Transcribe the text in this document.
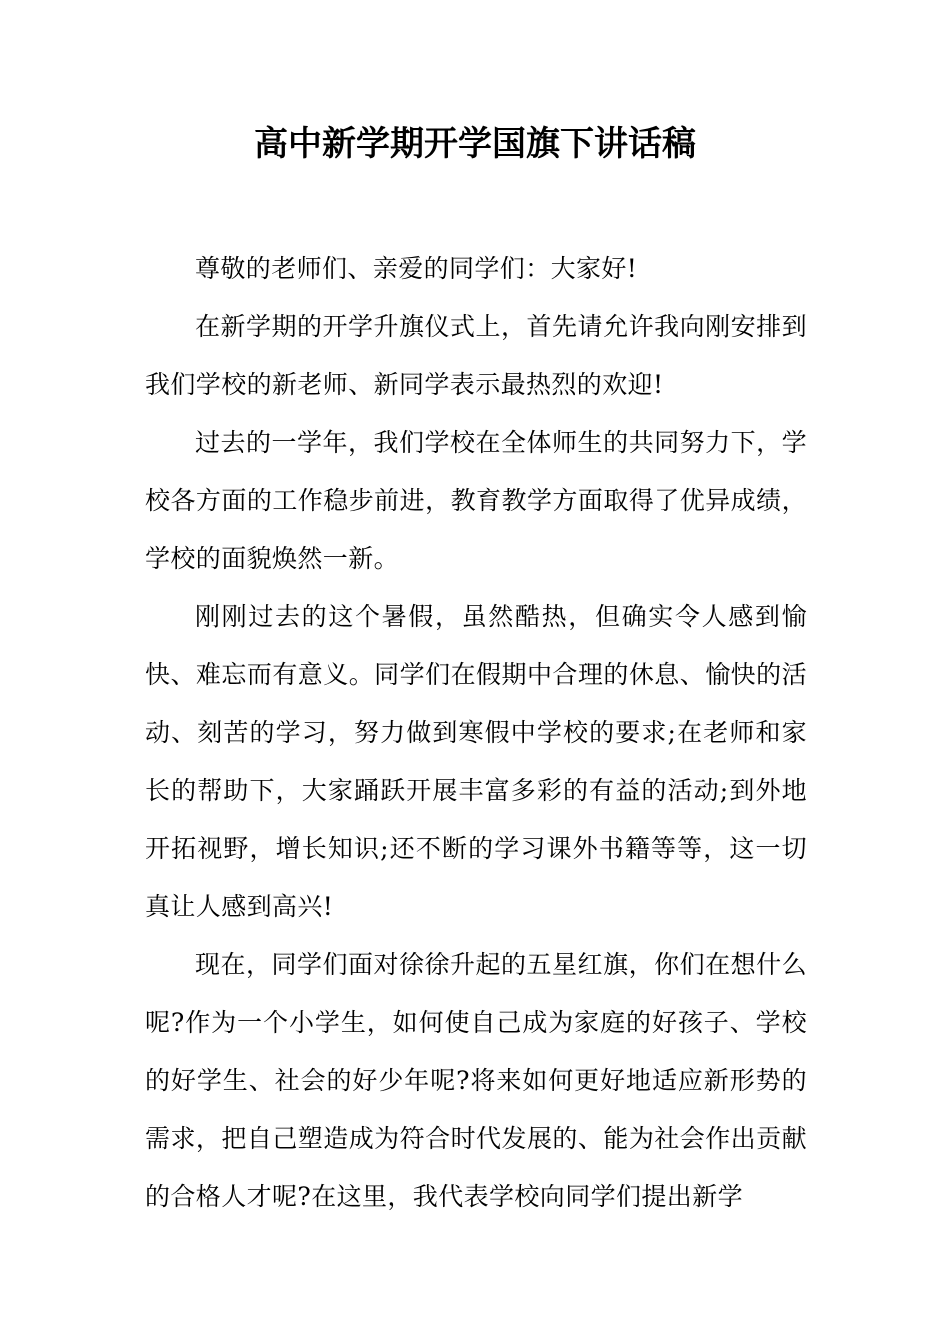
高中新学期开学国旗下讲话稿

尊敬的老师们、亲爱的同学们：大家好!

在新学期的开学升旗仪式上，首先请允许我向刚安排到我们学校的新老师、新同学表示最热烈的欢迎!

过去的一学年，我们学校在全体师生的共同努力下，学校各方面的工作稳步前进，教育教学方面取得了优异成绩，学校的面貌焕然一新。

刚刚过去的这个暑假，虽然酷热，但确实令人感到愉快、难忘而有意义。同学们在假期中合理的休息、愉快的活动、刻苦的学习，努力做到寒假中学校的要求;在老师和家长的帮助下，大家踊跃开展丰富多彩的有益的活动;到外地开拓视野，增长知识;还不断的学习课外书籍等等，这一切真让人感到高兴!

现在，同学们面对徐徐升起的五星红旗，你们在想什么呢?作为一个小学生，如何使自己成为家庭的好孩子、学校的好学生、社会的好少年呢?将来如何更好地适应新形势的需求，把自己塑造成为符合时代发展的、能为社会作出贡献的合格人才呢?在这里，我代表学校向同学们提出新学
